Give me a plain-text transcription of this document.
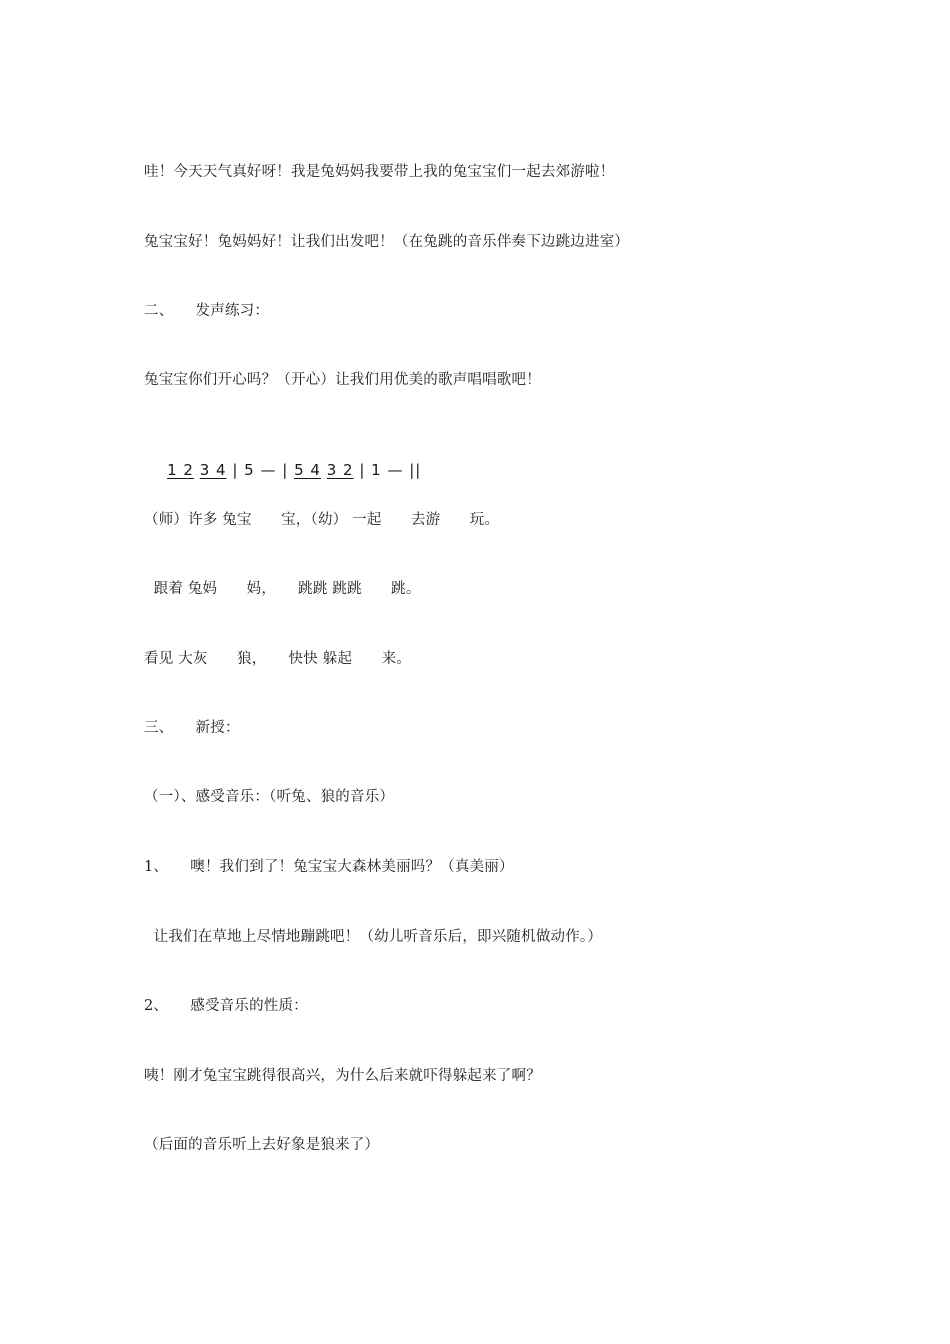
哇！今天天气真好呀！我是兔妈妈我要带上我的兔宝宝们一起去郊游啦！
兔宝宝好！兔妈妈好！让我们出发吧！（在兔跳的音乐伴奏下边跳边进室）
二、　　发声练习：
兔宝宝你们开心吗？（开心）让我们用优美的歌声唱唱歌吧！

1 2 3 4 | 5 — | 5 4 3 2 | 1 — ||

（师）许多 兔宝　　宝，（幼） 一起　　去游　　玩。
跟着 兔妈　　妈，　　跳跳 跳跳　　跳。
看见 大灰　　狼，　　快快 躲起　　来。
三、　　新授：
（一）、感受音乐：（听兔、狼的音乐）
1、　　噢！我们到了！兔宝宝大森林美丽吗？（真美丽）
让我们在草地上尽情地蹦跳吧！（幼儿听音乐后，即兴随机做动作。）
2、　　感受音乐的性质：
咦！刚才兔宝宝跳得很高兴，为什么后来就吓得躲起来了啊？
（后面的音乐听上去好象是狼来了）
